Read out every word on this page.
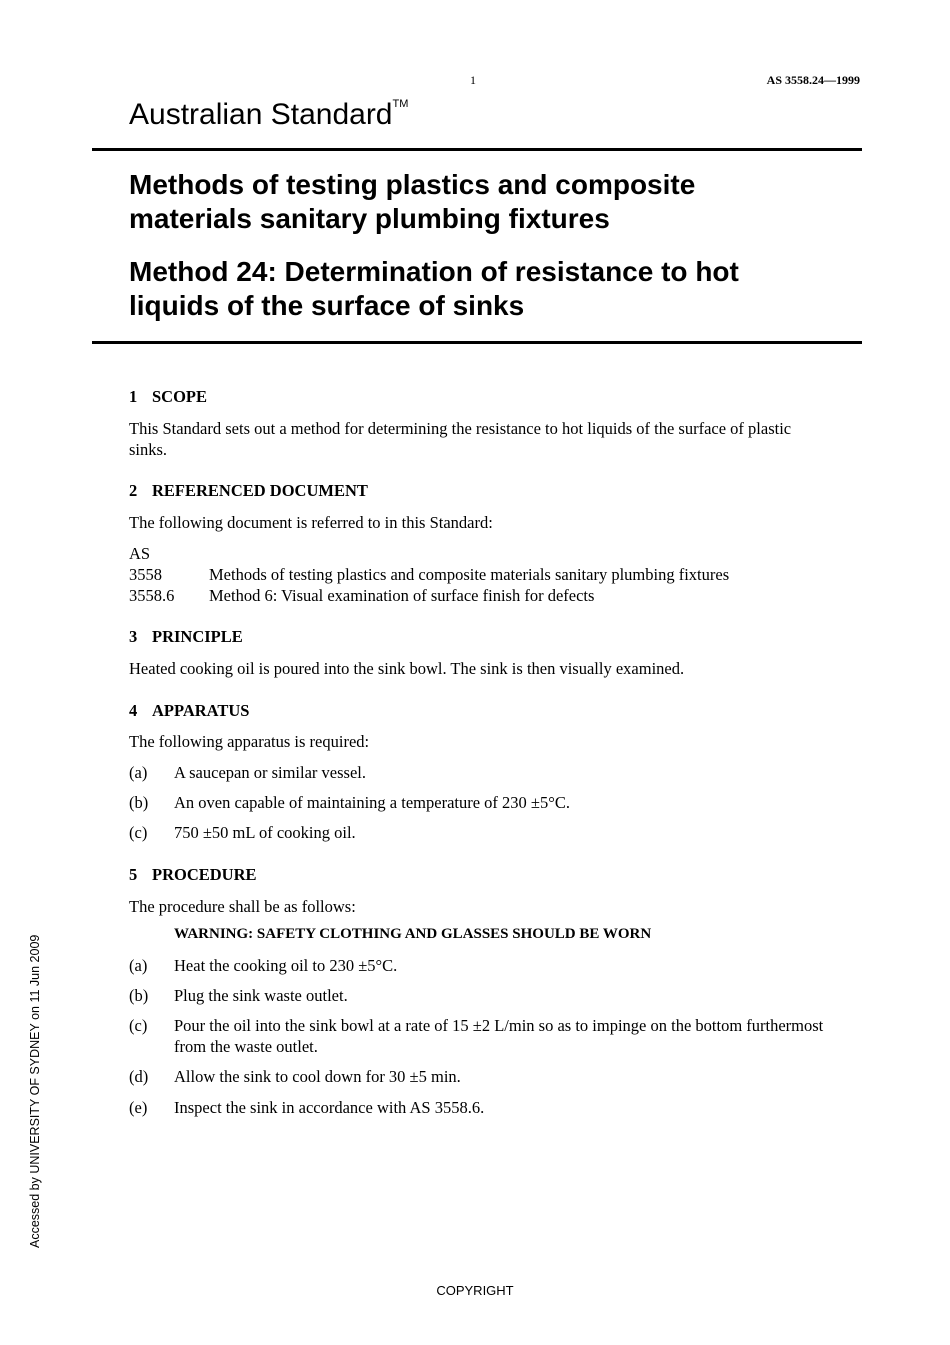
1	AS 3558.24—1999
Australian Standard™
Methods of testing plastics and composite
materials sanitary plumbing fixtures
Method 24: Determination of resistance to hot
liquids of the surface of sinks
1 SCOPE
This Standard sets out a method for determining the resistance to hot liquids of the surface of plastic sinks.
2 REFERENCED DOCUMENT
The following document is referred to in this Standard:
AS
3558	Methods of testing plastics and composite materials sanitary plumbing fixtures
3558.6 Method 6: Visual examination of surface finish for defects
3 PRINCIPLE
Heated cooking oil is poured into the sink bowl. The sink is then visually examined.
4 APPARATUS
The following apparatus is required:
(a) A saucepan or similar vessel.
(b) An oven capable of maintaining a temperature of 230 ±5°C.
(c) 750 ±50 mL of cooking oil.
5 PROCEDURE
The procedure shall be as follows:
WARNING: SAFETY CLOTHING AND GLASSES SHOULD BE WORN
(a) Heat the cooking oil to 230 ±5°C.
(b) Plug the sink waste outlet.
(c) Pour the oil into the sink bowl at a rate of 15 ±2 L/min so as to impinge on the bottom furthermost from the waste outlet.
(d) Allow the sink to cool down for 30 ±5 min.
(e) Inspect the sink in accordance with AS 3558.6.
Accessed by UNIVERSITY OF SYDNEY on 11 Jun 2009
COPYRIGHT
